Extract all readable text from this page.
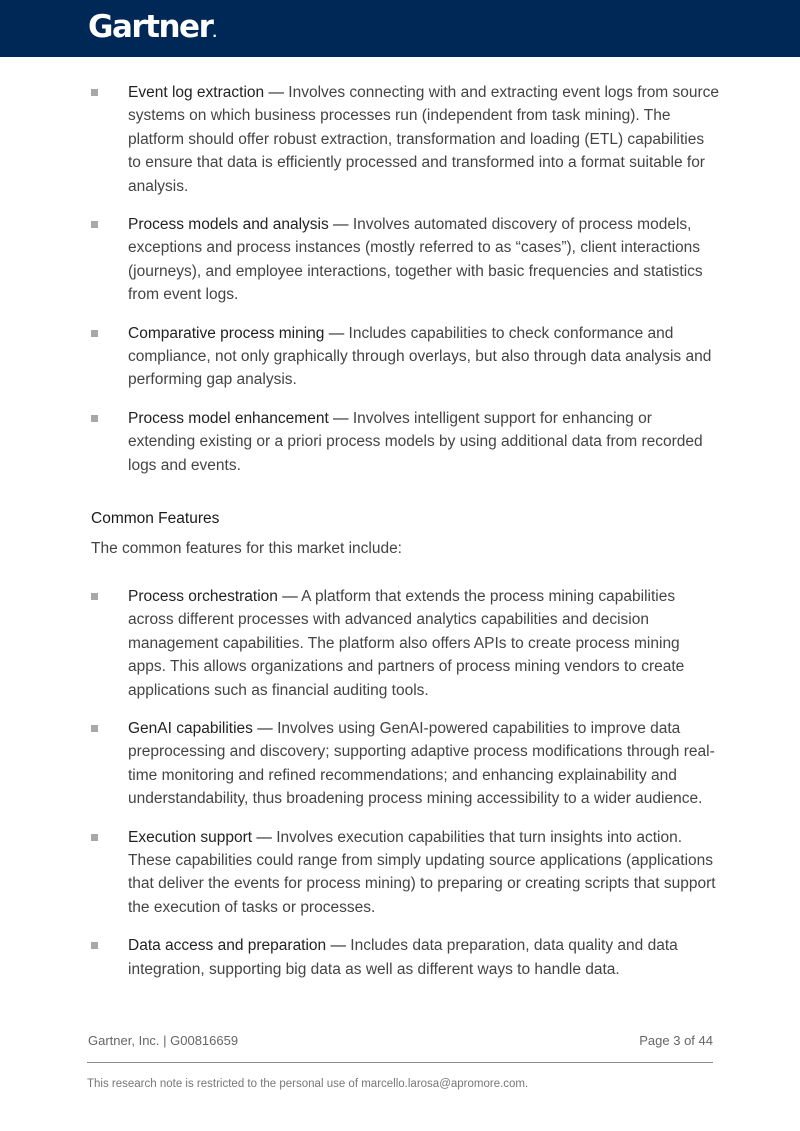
Gartner.
Event log extraction — Involves connecting with and extracting event logs from source systems on which business processes run (independent from task mining). The platform should offer robust extraction, transformation and loading (ETL) capabilities to ensure that data is efficiently processed and transformed into a format suitable for analysis.
Process models and analysis — Involves automated discovery of process models, exceptions and process instances (mostly referred to as “cases”), client interactions (journeys), and employee interactions, together with basic frequencies and statistics from event logs.
Comparative process mining — Includes capabilities to check conformance and compliance, not only graphically through overlays, but also through data analysis and performing gap analysis.
Process model enhancement — Involves intelligent support for enhancing or extending existing or a priori process models by using additional data from recorded logs and events.
Common Features
The common features for this market include:
Process orchestration — A platform that extends the process mining capabilities across different processes with advanced analytics capabilities and decision management capabilities. The platform also offers APIs to create process mining apps. This allows organizations and partners of process mining vendors to create applications such as financial auditing tools.
GenAI capabilities — Involves using GenAI-powered capabilities to improve data preprocessing and discovery; supporting adaptive process modifications through real-time monitoring and refined recommendations; and enhancing explainability and understandability, thus broadening process mining accessibility to a wider audience.
Execution support — Involves execution capabilities that turn insights into action. These capabilities could range from simply updating source applications (applications that deliver the events for process mining) to preparing or creating scripts that support the execution of tasks or processes.
Data access and preparation — Includes data preparation, data quality and data integration, supporting big data as well as different ways to handle data.
Gartner, Inc. | G00816659	Page 3 of 44
This research note is restricted to the personal use of marcello.larosa@apromore.com.
